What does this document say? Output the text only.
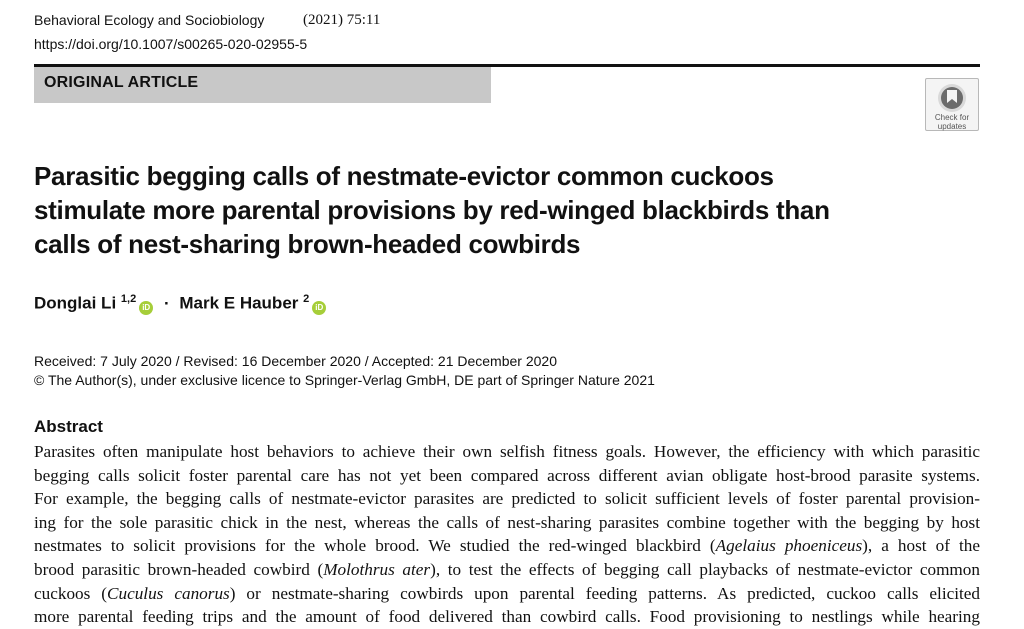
Behavioral Ecology and Sociobiology	(2021) 75:11
https://doi.org/10.1007/s00265-020-02955-5
ORIGINAL ARTICLE
Check for
updates
Parasitic begging calls of nestmate-evictor common cuckoos
stimulate more parental provisions by red-winged blackbirds than
calls of nest-sharing brown-headed cowbirds
Donglai Li $^{1,2}$iD · Mark E Hauber $^2$iD
Received: 7 July 2020 / Revised: 16 December 2020 / Accepted: 21 December 2020
© The Author(s), under exclusive licence to Springer-Verlag GmbH, DE part of Springer Nature 2021
Abstract

Parasites often manipulate host behaviors to achieve their own selfish fitness goals. However, the efficiency with which parasitic
begging calls solicit foster parental care has not yet been compared across different avian obligate host-brood parasite systems.
For example, the begging calls of nestmate-evictor parasites are predicted to solicit sufficient levels of foster parental provision-
ing for the sole parasitic chick in the nest, whereas the calls of nest-sharing parasites combine together with the begging by host
nestmates to solicit provisions for the whole brood. We studied the red-winged blackbird (Agelaius phoeniceus), a host of the
brood parasitic brown-headed cowbird (Molothrus ater), to test the effects of begging call playbacks of nestmate-evictor common
cuckoos (Cuculus canorus) or nestmate-sharing cowbirds upon parental feeding patterns. As predicted, cuckoo calls elicited
more parental feeding trips and the amount of food delivered than cowbird calls. Food provisioning to nestlings while hearing
